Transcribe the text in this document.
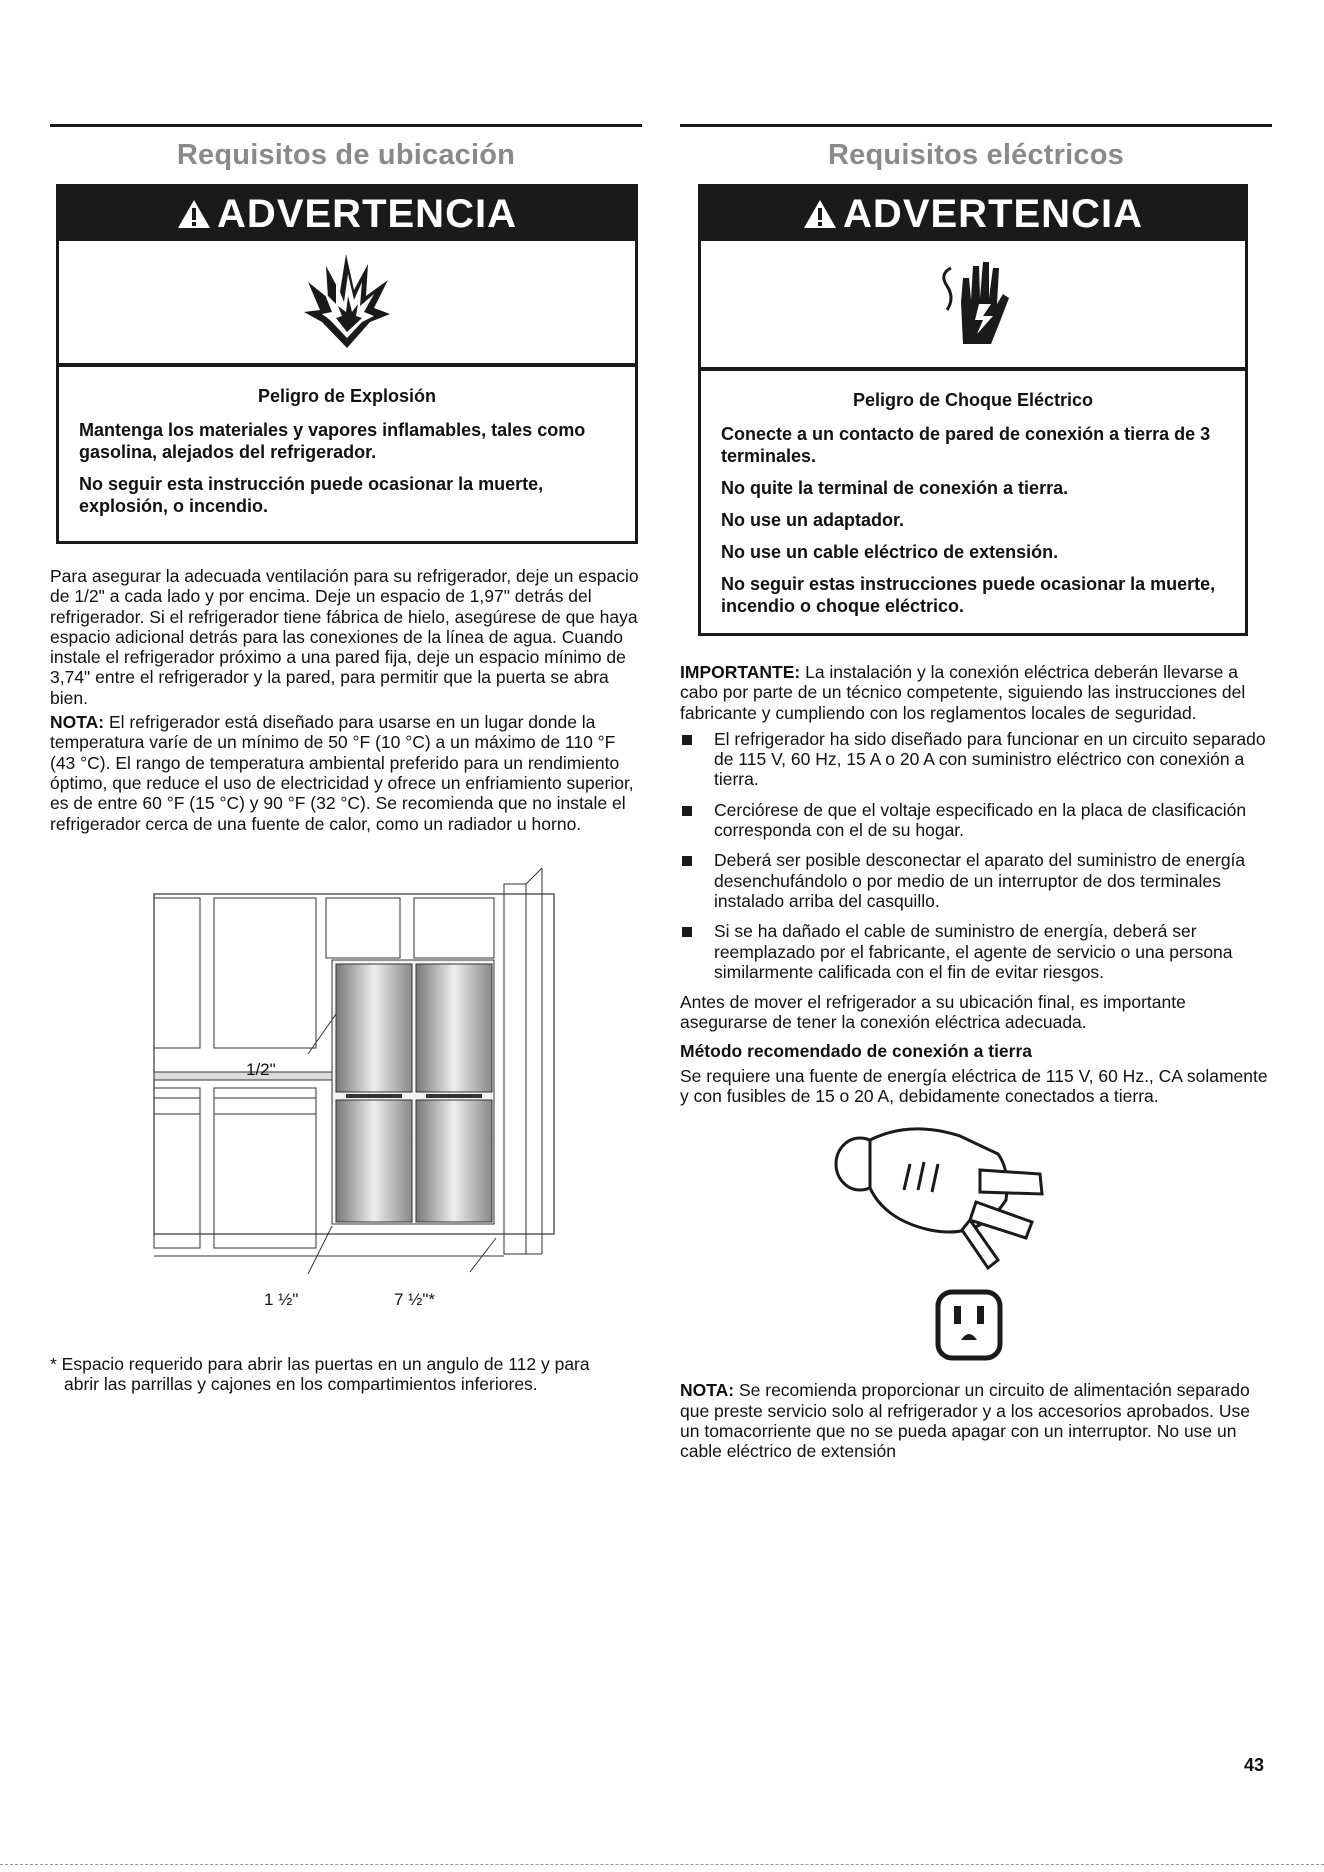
Requisitos de ubicación
ADVERTENCIA
Peligro de Explosión

Mantenga los materiales y vapores inflamables, tales como gasolina, alejados del refrigerador.

No seguir esta instrucción puede ocasionar la muerte, explosión, o incendio.

Para asegurar la adecuada ventilación para su refrigerador, deje un espacio de 1/2" a cada lado y por encima. Deje un espacio de 1,97" detrás del refrigerador. Si el refrigerador tiene fábrica de hielo, asegúrese de que haya espacio adicional detrás para las conexiones de la línea de agua. Cuando instale el refrigerador próximo a una pared fija, deje un espacio mínimo de 3,74" entre el refrigerador y la pared, para permitir que la puerta se abra bien.

NOTA: El refrigerador está diseñado para usarse en un lugar donde la temperatura varíe de un mínimo de 50 °F (10 °C) a un máximo de 110 °F (43 °C). El rango de temperatura ambiental preferido para un rendimiento óptimo, que reduce el uso de electricidad y ofrece un enfriamiento superior, es de entre 60 °F (15 °C) y 90 °F (32 °C). Se recomienda que no instale el refrigerador cerca de una fuente de calor, como un radiador u horno.

1/2"
1 ½"	7 ½"*

* Espacio requerido para abrir las puertas en un angulo de 112 y para abrir las parrillas y cajones en los compartimientos inferiores.

Requisitos eléctricos
ADVERTENCIA
Peligro de Choque Eléctrico

Conecte a un contacto de pared de conexión a tierra de 3 terminales.

No quite la terminal de conexión a tierra.

No use un adaptador.

No use un cable eléctrico de extensión.

No seguir estas instrucciones puede ocasionar la muerte, incendio o choque eléctrico.

IMPORTANTE: La instalación y la conexión eléctrica deberán llevarse a cabo por parte de un técnico competente, siguiendo las instrucciones del fabricante y cumpliendo con los reglamentos locales de seguridad.

El refrigerador ha sido diseñado para funcionar en un circuito separado de 115 V, 60 Hz, 15 A o 20 A con suministro eléctrico con conexión a tierra.
Cerciórese de que el voltaje especificado en la placa de clasificación corresponda con el de su hogar.
Deberá ser posible desconectar el aparato del suministro de energía desenchufándolo o por medio de un interruptor de dos terminales instalado arriba del casquillo.
Si se ha dañado el cable de suministro de energía, deberá ser reemplazado por el fabricante, el agente de servicio o una persona similarmente calificada con el fin de evitar riesgos.

Antes de mover el refrigerador a su ubicación final, es importante asegurarse de tener la conexión eléctrica adecuada.

Método recomendado de conexión a tierra

Se requiere una fuente de energía eléctrica de 115 V, 60 Hz., CA solamente y con fusibles de 15 o 20 A, debidamente conectados a tierra.

NOTA: Se recomienda proporcionar un circuito de alimentación separado que preste servicio solo al refrigerador y a los accesorios aprobados. Use un tomacorriente que no se pueda apagar con un interruptor. No use un cable eléctrico de extensión

43
